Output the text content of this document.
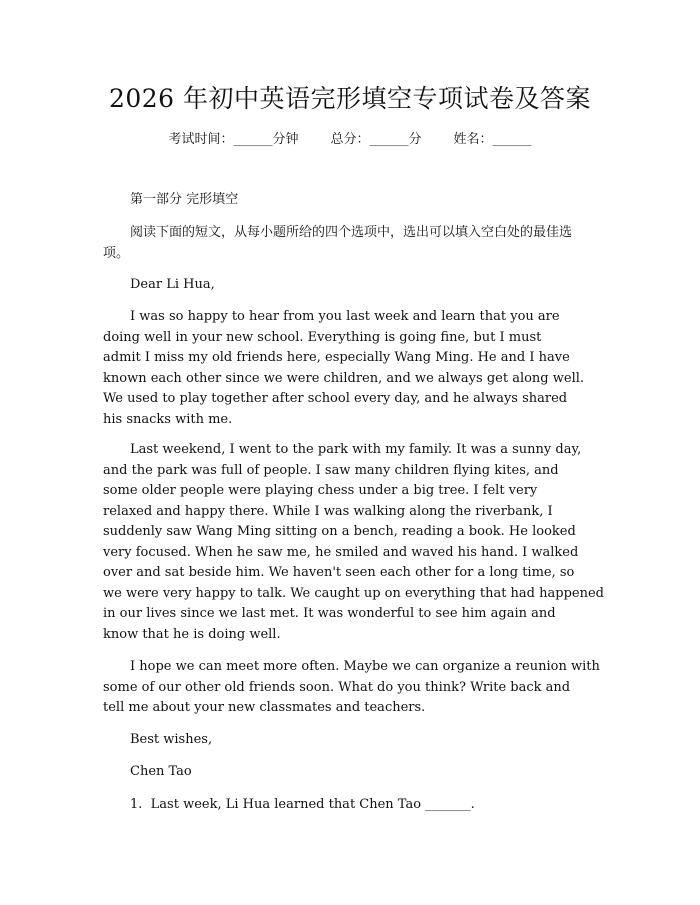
2026 年初中英语完形填空专项试卷及答案
考试时间：______分钟 总分：______分 姓名：______
第一部分 完形填空
阅读下面的短文，从每小题所给的四个选项中，选出可以填入空白处的最佳选
项。
Dear Li Hua,
I was so happy to hear from you last week and learn that you are
doing well in your new school. Everything is going fine, but I must
admit I miss my old friends here, especially Wang Ming. He and I have
known each other since we were children, and we always get along well.
We used to play together after school every day, and he always shared
his snacks with me.
Last weekend, I went to the park with my family. It was a sunny day,
and the park was full of people. I saw many children flying kites, and
some older people were playing chess under a big tree. I felt very
relaxed and happy there. While I was walking along the riverbank, I
suddenly saw Wang Ming sitting on a bench, reading a book. He looked
very focused. When he saw me, he smiled and waved his hand. I walked
over and sat beside him. We haven't seen each other for a long time, so
we were very happy to talk. We caught up on everything that had happened
in our lives since we last met. It was wonderful to see him again and
know that he is doing well.
I hope we can meet more often. Maybe we can organize a reunion with
some of our other old friends soon. What do you think? Write back and
tell me about your new classmates and teachers.
Best wishes,
Chen Tao
1. Last week, Li Hua learned that Chen Tao _______.
